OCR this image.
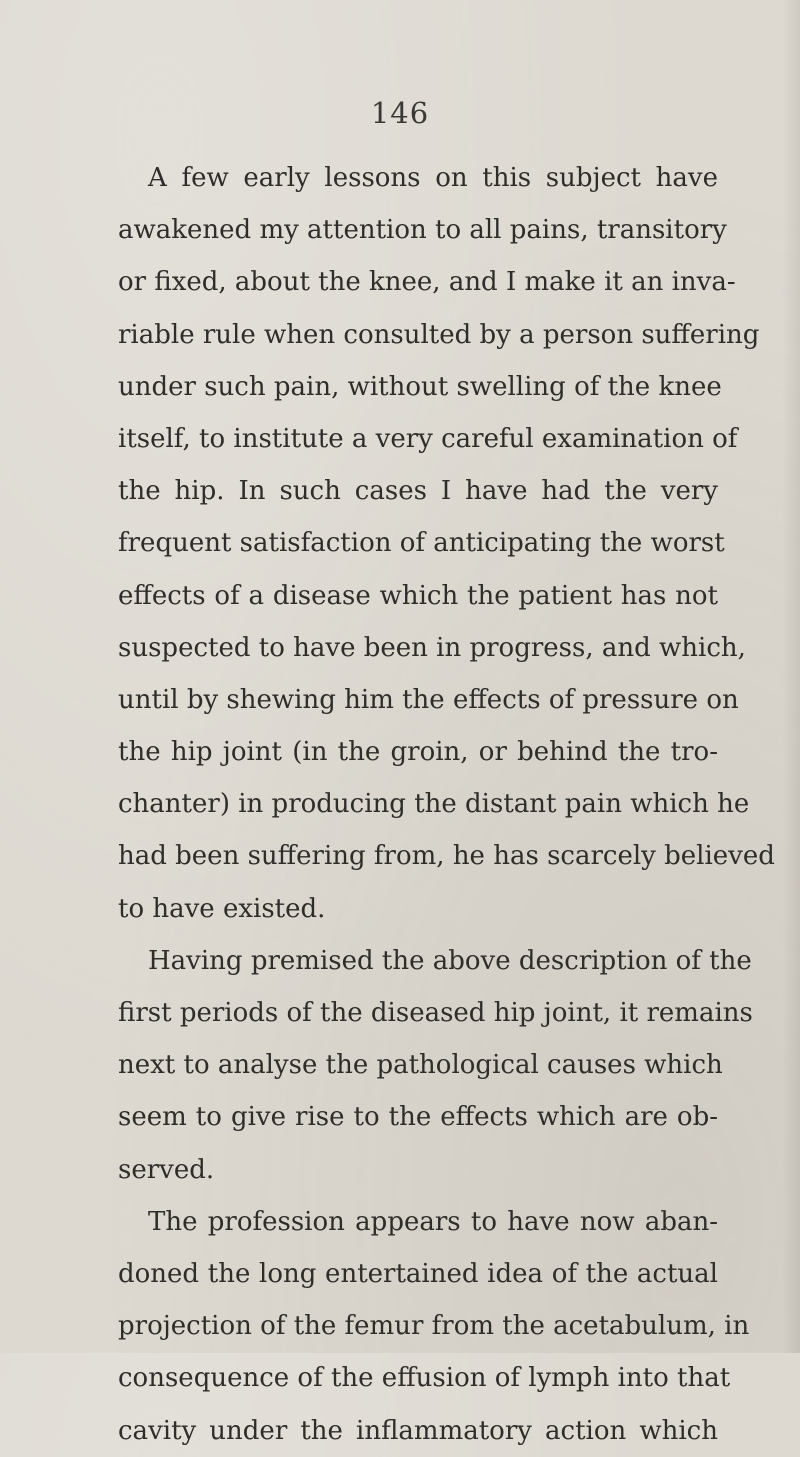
146
A few early lessons on this subject have
awakened my attention to all pains, transitory
or fixed, about the knee, and I make it an inva-
riable rule when consulted by a person suffering
under such pain, without swelling of the knee
itself, to institute a very careful examination of
the hip. In such cases I have had the very
frequent satisfaction of anticipating the worst
effects of a disease which the patient has not
suspected to have been in progress, and which,
until by shewing him the effects of pressure on
the hip joint (in the groin, or behind the tro-
chanter) in producing the distant pain which he
had been suffering from, he has scarcely believed
to have existed.
Having premised the above description of the
first periods of the diseased hip joint, it remains
next to analyse the pathological causes which
seem to give rise to the effects which are ob-
served.
The profession appears to have now aban-
doned the long entertained idea of the actual
projection of the femur from the acetabulum, in
consequence of the effusion of lymph into that
cavity under the inflammatory action which
